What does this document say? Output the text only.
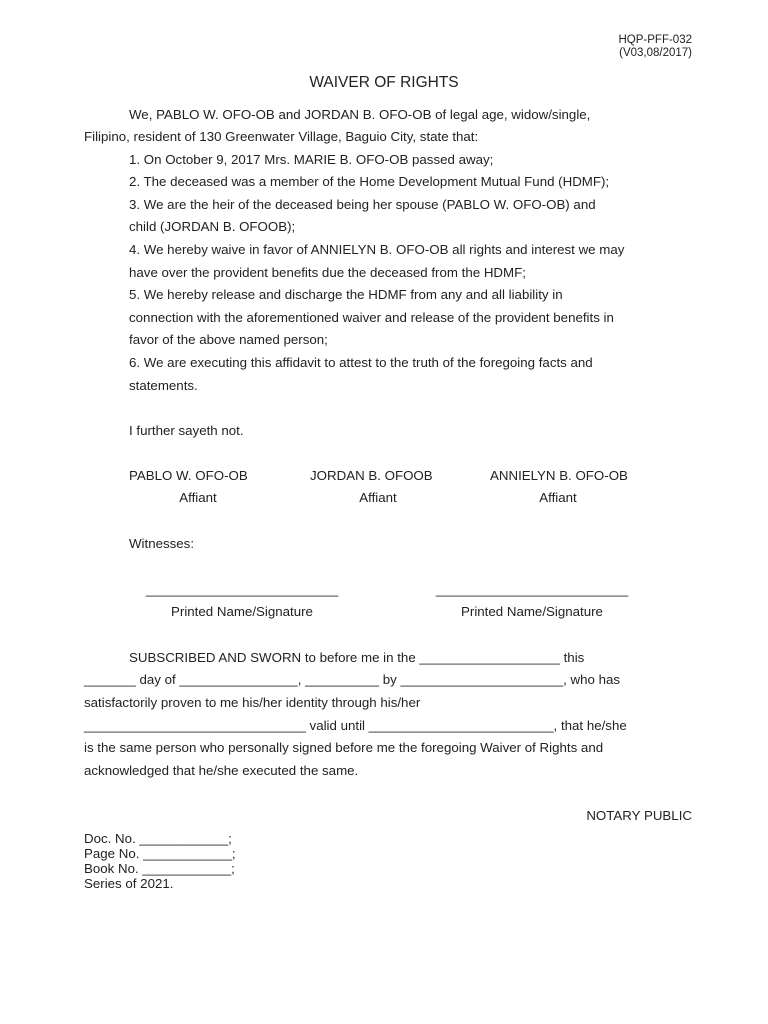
HQP-PFF-032
(V03,08/2017)
WAIVER OF RIGHTS
We, PABLO W. OFO-OB and JORDAN B. OFO-OB of legal age, widow/single,
Filipino, resident of 130 Greenwater Village, Baguio City, state that:
1. On October 9, 2017 Mrs. MARIE B. OFO-OB passed away;
2. The deceased was a member of the Home Development Mutual Fund (HDMF);
3. We are the heir of the deceased being her spouse (PABLO W. OFO-OB) and
child (JORDAN B. OFOOB);
4. We hereby waive in favor of ANNIELYN B. OFO-OB all rights and interest we may
have over the provident benefits due the deceased from the HDMF;
5. We hereby release and discharge the HDMF from any and all liability in
connection with the aforementioned waiver and release of the provident benefits in
favor of the above named person;
6. We are executing this affidavit to attest to the truth of the foregoing facts and
statements.
I further sayeth not.
PABLO W. OFO-OB
Affiant
JORDAN B. OFOOB
Affiant
ANNIELYN B. OFO-OB
Affiant
Witnesses:
__________________________
Printed Name/Signature
__________________________
Printed Name/Signature
SUBSCRIBED AND SWORN to before me in the ___________________ this
_______ day of ________________, __________ by ______________________, who has
satisfactorily proven to me his/her identity through his/her
______________________________ valid until _________________________, that he/she
is the same person who personally signed before me the foregoing Waiver of Rights and
acknowledged that he/she executed the same.
NOTARY PUBLIC
Doc. No. ____________;
Page No. ____________;
Book No. ____________;
Series of 2021.
